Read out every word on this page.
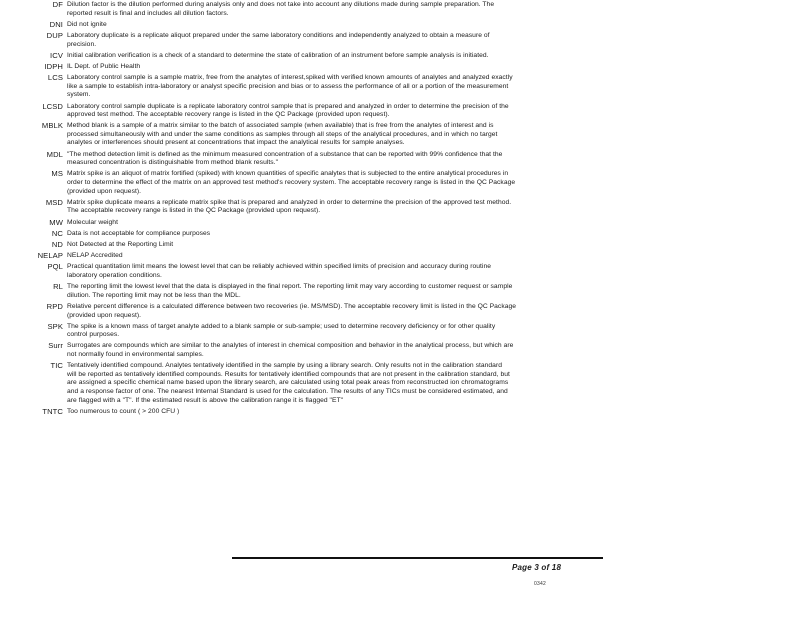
DF Dilution factor is the dilution performed during analysis only and does not take into account any dilutions made during sample preparation. The
reported result is final and includes all dilution factors.
DNI Did not ignite
DUP Laboratory duplicate is a replicate aliquot prepared under the same laboratory conditions and independently analyzed to obtain a measure of
precision.
ICV Initial calibration verification is a check of a standard to determine the state of calibration of an instrument before sample analysis is initiated.
IDPH IL Dept. of Public Health
LCS Laboratory control sample is a sample matrix, free from the analytes of interest,spiked with verified known amounts of analytes and analyzed exactly
like a sample to establish intra-laboratory or analyst specific precision and bias or to assess the performance of all or a portion of the measurement
system.
LCSD Laboratory control sample duplicate is a replicate laboratory control sample that is prepared and analyzed in order to determine the precision of the
approved test method. The acceptable recovery range is listed in the QC Package (provided upon request).
MBLK Method blank is a sample of a matrix similar to the batch of associated sample (when available) that is free from the analytes of interest and is
processed simultaneously with and under the same conditions as samples through all steps of the analytical procedures, and in which no target
analytes or interferences should present at concentrations that impact the analytical results for sample analyses.
MDL "The method detection limit is defined as the minimum measured concentration of a substance that can be reported with 99% confidence that the
measured concentration is distinguishable from method blank results."
MS Matrix spike is an aliquot of matrix fortified (spiked) with known quantities of specific analytes that is subjected to the entire analytical procedures in
order to determine the effect of the matrix on an approved test method's recovery system. The acceptable recovery range is listed in the QC Package
(provided upon request).
MSD Matrix spike duplicate means a replicate matrix spike that is prepared and analyzed in order to determine the precision of the approved test method.
The acceptable recovery range is listed in the QC Package (provided upon request).
MW Molecular weight
NC Data is not acceptable for compliance purposes
ND Not Detected at the Reporting Limit
NELAP NELAP Accredited
PQL Practical quantitation limit means the lowest level that can be reliably achieved within specified limits of precision and accuracy during routine
laboratory operation conditions.
RL The reporting limit the lowest level that the data is displayed in the final report. The reporting limit may vary according to customer request or sample
dilution. The reporting limit may not be less than the MDL.
RPD Relative percent difference is a calculated difference between two recoveries (ie. MS/MSD). The acceptable recovery limit is listed in the QC Package
(provided upon request).
SPK The spike is a known mass of target analyte added to a blank sample or sub-sample; used to determine recovery deficiency or for other quality
control purposes.
Surr Surrogates are compounds which are similar to the analytes of interest in chemical composition and behavior in the analytical process, but which are
not normally found in environmental samples.
TIC Tentatively identified compound. Analytes tentatively identified in the sample by using a library search. Only results not in the calibration standard
will be reported as tentatively identified compounds. Results for tentatively identified compounds that are not present in the calibration standard, but
are assigned a specific chemical name based upon the library search, are calculated using total peak areas from reconstructed ion chromatograms
and a response factor of one. The nearest Internal Standard is used for the calculation. The results of any TICs must be considered estimated, and
are flagged with a "T". If the estimated result is above the calibration range it is flagged "ET"
TNTC Too numerous to count ( > 200 CFU )
Page 3 of 18
0342
